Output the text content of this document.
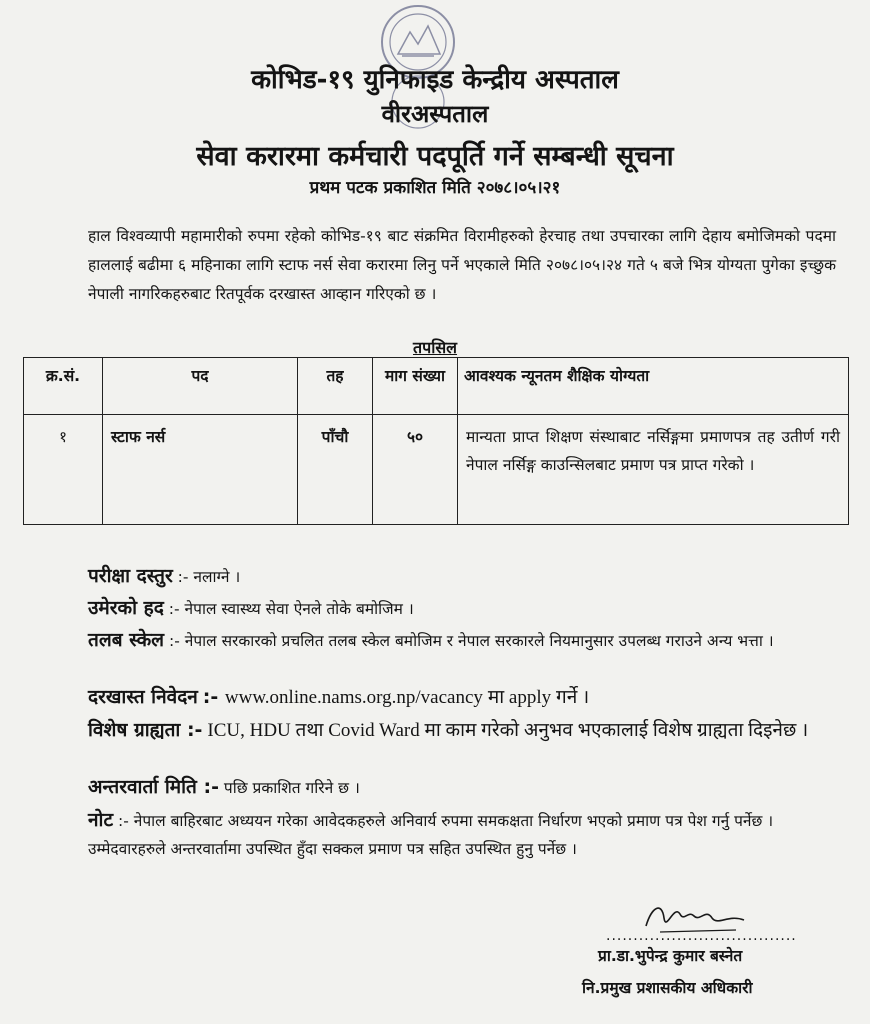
कोभिड-१९ युनिफाइड केन्द्रीय अस्पताल
वीरअस्पताल
सेवा करारमा कर्मचारी पदपूर्ति गर्ने सम्बन्धी सूचना
प्रथम पटक प्रकाशित मिति २०७८।०५।२१
हाल विश्वव्यापी महामारीको रुपमा रहेको कोभिड-१९ बाट संक्रमित विरामीहरुको हेरचाह तथा उपचारका लागि देहाय बमोजिमको पदमा हाललाई बढीमा ६ महिनाका लागि स्टाफ नर्स सेवा करारमा लिनु पर्ने भएकाले मिति २०७८।०५।२४ गते ५ बजे भित्र योग्यता पुगेका इच्छुक नेपाली नागरिकहरुबाट रितपूर्वक दरखास्त आव्हान गरिएको छ ।
तपसिल
क्र.सं.	पद	तह	माग संख्या	आवश्यक न्यूनतम शैक्षिक योग्यता
१	स्टाफ नर्स	पाँचौ	५०	मान्यता प्राप्त शिक्षण संस्थाबाट नर्सिङ्गमा प्रमाणपत्र तह उतीर्ण गरी नेपाल नर्सिङ्ग काउन्सिलबाट प्रमाण पत्र प्राप्त गरेको ।
परीक्षा दस्तुर :- नलाग्ने ।
उमेरको हद :- नेपाल स्वास्थ्य सेवा ऐनले तोके बमोजिम ।
तलब स्केल :- नेपाल सरकारको प्रचलित तलब स्केल बमोजिम र नेपाल सरकारले नियमानुसार उपलब्ध गराउने अन्य भत्ता ।
दरखास्त निवेदन :- www.online.nams.org.np/vacancy मा apply गर्ने ।
विशेष ग्राह्यता :- ICU, HDU तथा Covid Ward मा काम गरेको अनुभव भएकालाई विशेष ग्राह्यता दिइनेछ ।
अन्तरवार्ता मिति :- पछि प्रकाशित गरिने छ ।
नोट :- नेपाल बाहिरबाट अध्ययन गरेका आवेदकहरुले अनिवार्य रुपमा समकक्षता निर्धारण भएको प्रमाण पत्र पेश गर्नु पर्नेछ । उम्मेदवारहरुले अन्तरवार्तामा उपस्थित हुँदा सक्कल प्रमाण पत्र सहित उपस्थित हुनु पर्नेछ ।
...................................
प्रा.डा.भुपेन्द्र कुमार बस्नेत
नि.प्रमुख प्रशासकीय अधिकारी
